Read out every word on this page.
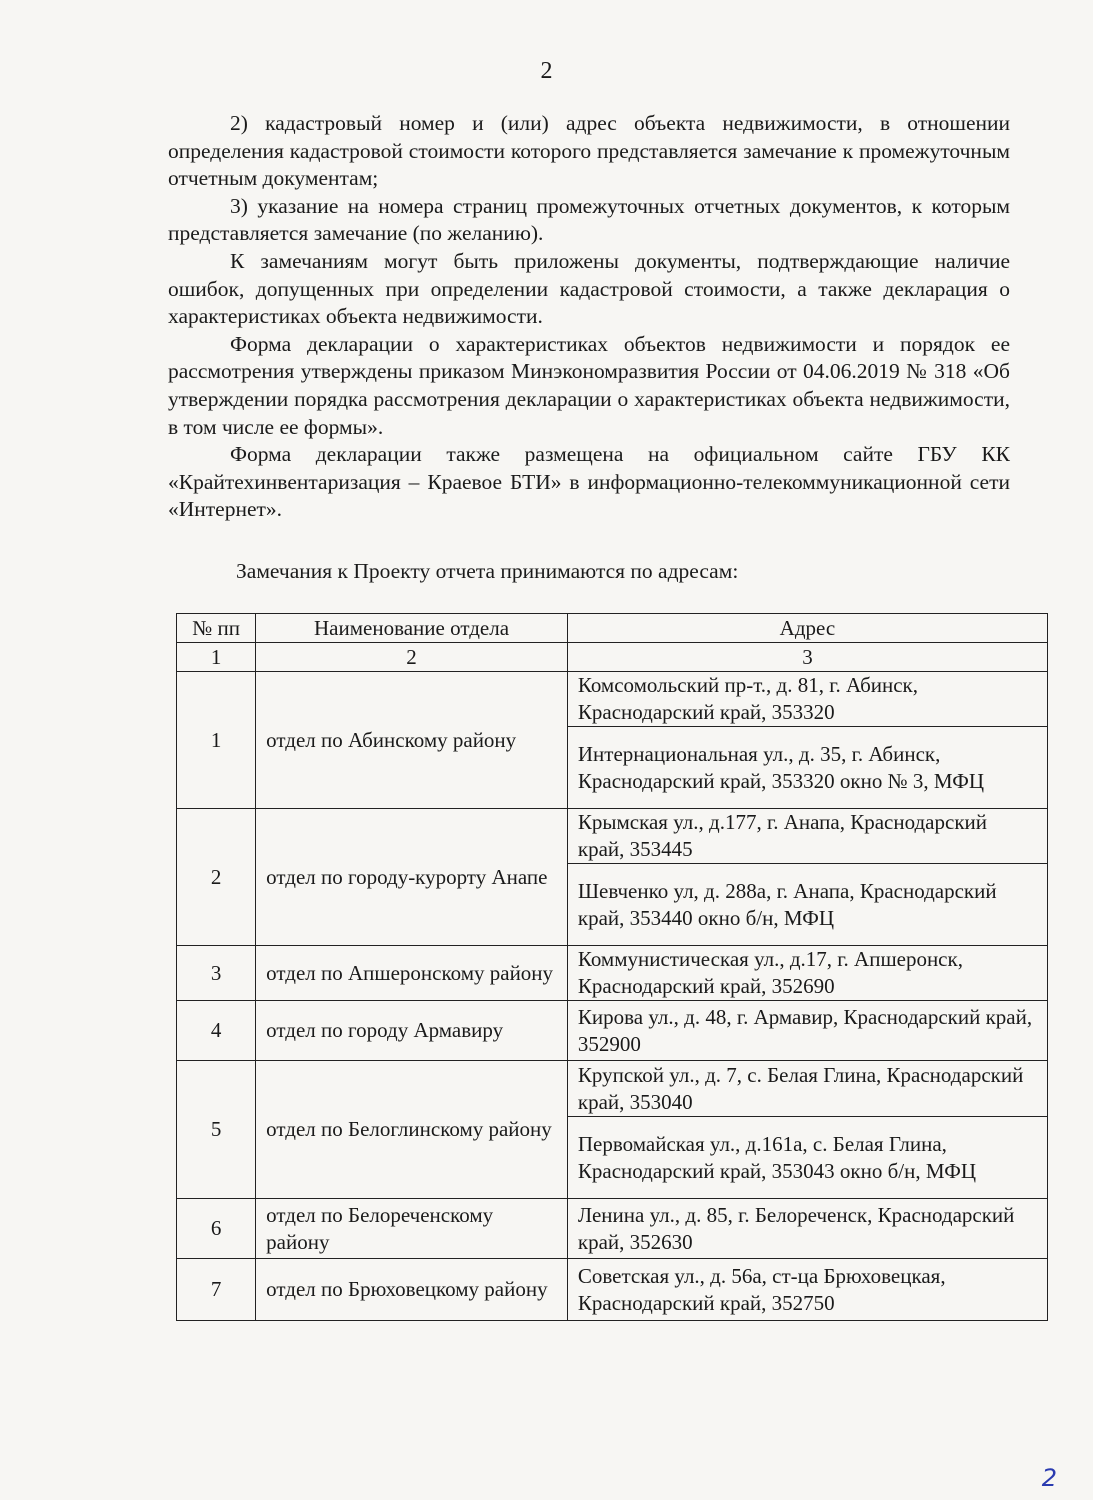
2

2) кадастровый номер и (или) адрес объекта недвижимости, в отношении определения кадастровой стоимости которого представляется замечание к промежуточным отчетным документам;

3) указание на номера страниц промежуточных отчетных документов, к которым представляется замечание (по желанию).

К замечаниям могут быть приложены документы, подтверждающие наличие ошибок, допущенных при определении кадастровой стоимости, а также декларация о характеристиках объекта недвижимости.

Форма декларации о характеристиках объектов недвижимости и порядок ее рассмотрения утверждены приказом Минэкономразвития России от 04.06.2019 № 318 «Об утверждении порядка рассмотрения декларации о характеристиках объекта недвижимости, в том числе ее формы».

Форма декларации также размещена на официальном сайте ГБУ КК «Крайтехинвентаризация – Краевое БТИ» в информационно-телекоммуникационной сети «Интернет».

Замечания к Проекту отчета принимаются по адресам:
№ пп	Наименование отдела	Адрес
1	2	3
1	отдел по Абинскому району	Комсомольский пр-т., д. 81, г. Абинск, Краснодарский край, 353320
		Интернациональная ул., д. 35, г. Абинск, Краснодарский край, 353320 окно № 3, МФЦ
2	отдел по городу-курорту Анапе	Крымская ул., д.177, г. Анапа, Краснодарский край, 353445
		Шевченко ул, д. 288а, г. Анапа, Краснодарский край, 353440 окно б/н, МФЦ
3	отдел по Апшеронскому району	Коммунистическая ул., д.17, г. Апшеронск, Краснодарский край, 352690
4	отдел по городу Армавиру	Кирова ул., д. 48, г. Армавир, Краснодарский край, 352900
5	отдел по Белоглинскому району	Крупской ул., д. 7, с. Белая Глина, Краснодарский край, 353040
		Первомайская ул., д.161а, с. Белая Глина, Краснодарский край, 353043 окно б/н, МФЦ
6	отдел по Белореченскому району	Ленина ул., д. 85, г. Белореченск, Краснодарский край, 352630
7	отдел по Брюховецкому району	Советская ул., д. 56а, ст-ца Брюховецкая, Краснодарский край, 352750
2
